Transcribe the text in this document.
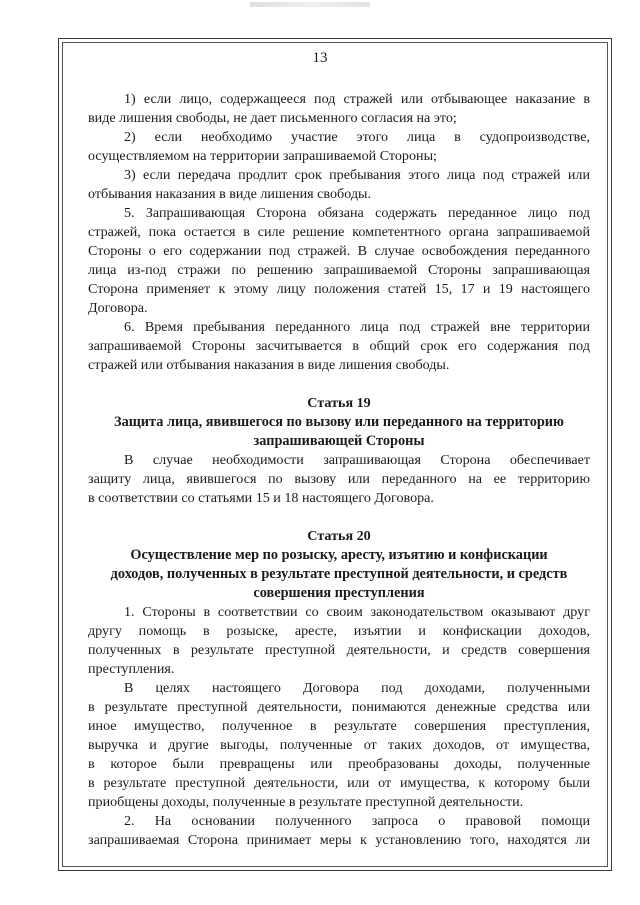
13

1) если лицо, содержащееся под стражей или отбывающее наказание в

виде лишения свободы, не дает письменного согласия на это;

2) если необходимо участие этого лица в судопроизводстве,

осуществляемом на территории запрашиваемой Стороны;

3) если передача продлит срок пребывания этого лица под стражей или

отбывания наказания в виде лишения свободы.

5. Запрашивающая Сторона обязана содержать переданное лицо под

стражей, пока остается в силе решение компетентного органа запрашиваемой

Стороны о его содержании под стражей. В случае освобождения переданного

лица из-под стражи по решению запрашиваемой Стороны запрашивающая

Сторона применяет к этому лицу положения статей 15, 17 и 19 настоящего

Договора.

6. Время пребывания переданного лица под стражей вне территории

запрашиваемой Стороны засчитывается в общий срок его содержания под

стражей или отбывания наказания в виде лишения свободы.

Статья 19

Защита лица, явившегося по вызову или переданного на территорию

запрашивающей Стороны

В случае необходимости запрашивающая Сторона обеспечивает

защиту лица, явившегося по вызову или переданного на ее территорию

в соответствии со статьями 15 и 18 настоящего Договора.

Статья 20

Осуществление мер по розыску, аресту, изъятию и конфискации

доходов, полученных в результате преступной деятельности, и средств

совершения преступления

1. Стороны в соответствии со своим законодательством оказывают друг

другу помощь в розыске, аресте, изъятии и конфискации доходов,

полученных в результате преступной деятельности, и средств совершения

преступления.

В целях настоящего Договора под доходами, полученными

в результате преступной деятельности, понимаются денежные средства или

иное имущество, полученное в результате совершения преступления,

выручка и другие выгоды, полученные от таких доходов, от имущества,

в которое были превращены или преобразованы доходы, полученные

в результате преступной деятельности, или от имущества, к которому были

приобщены доходы, полученные в результате преступной деятельности.

2. На основании полученного запроса о правовой помощи

запрашиваемая Сторона принимает меры к установлению того, находятся ли
